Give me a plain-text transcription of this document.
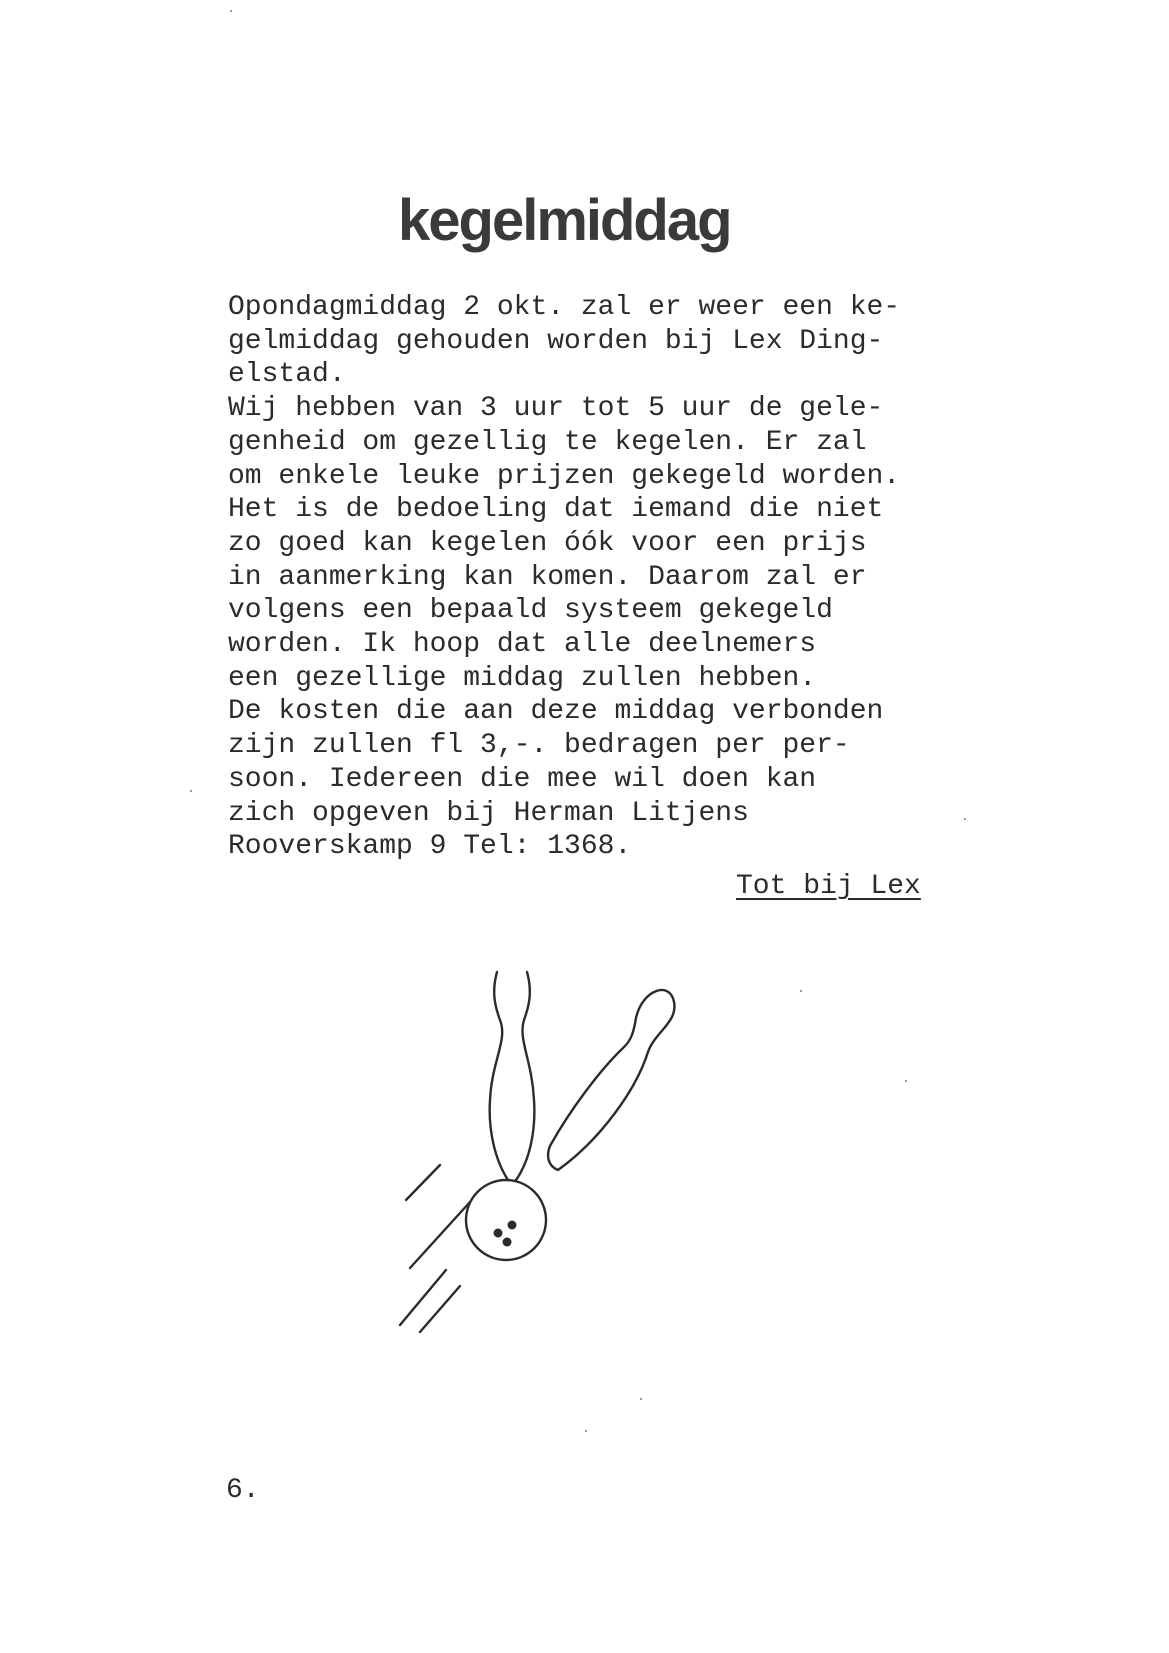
kegelmiddag
Opondagmiddag 2 okt. zal er weer een ke-
gelmiddag gehouden worden bij Lex Ding-
elstad.
Wij hebben van 3 uur tot 5 uur de gele-
genheid om gezellig te kegelen. Er zal
om enkele leuke prijzen gekegeld worden.
Het is de bedoeling dat iemand die niet
zo goed kan kegelen óók voor een prijs
in aanmerking kan komen. Daarom zal er
volgens een bepaald systeem gekegeld
worden. Ik hoop dat alle deelnemers
een gezellige middag zullen hebben.
De kosten die aan deze middag verbonden
zijn zullen fl 3,-. bedragen per per-
soon. Iedereen die mee wil doen kan
zich opgeven bij Herman Litjens
Rooverskamp 9 Tel: 1368.
Tot bij Lex
6.
